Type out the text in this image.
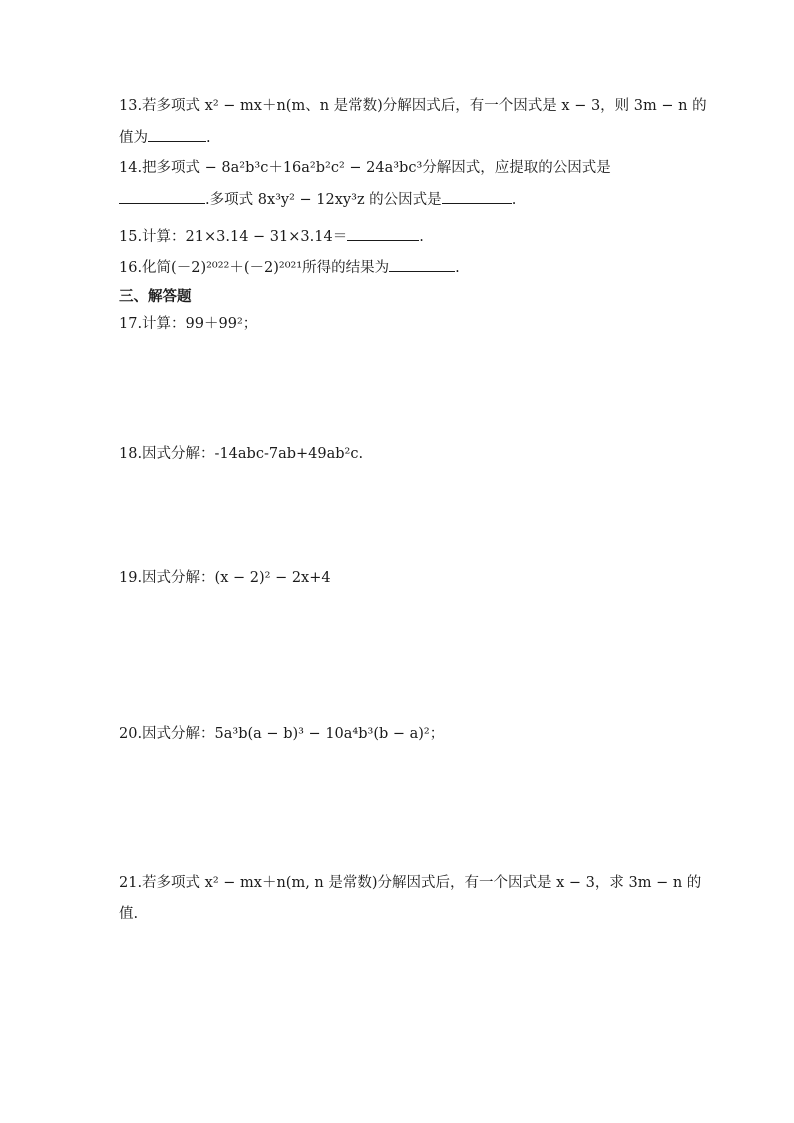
13.若多项式 x² − mx＋n(m、n 是常数)分解因式后，有一个因式是 x − 3，则 3m − n 的
值为	.
14.把多项式 − 8a²b³c＋16a²b²c² − 24a³bc³分解因式，应提取的公因式是
.多项式 8x³y² − 12xy³z 的公因式是	.
15.计算：21×3.14 − 31×3.14＝	.
16.化简(－2)²⁰²²＋(－2)²⁰²¹所得的结果为	.
三、解答题
17.计算：99＋99²；
18.因式分解：-14abc-7ab+49ab²c.
19.因式分解：(x − 2)² − 2x+4
20.因式分解：5a³b(a − b)³ − 10a⁴b³(b − a)²；
21.若多项式 x² − mx＋n(m, n 是常数)分解因式后，有一个因式是 x − 3，求 3m − n 的
值.
